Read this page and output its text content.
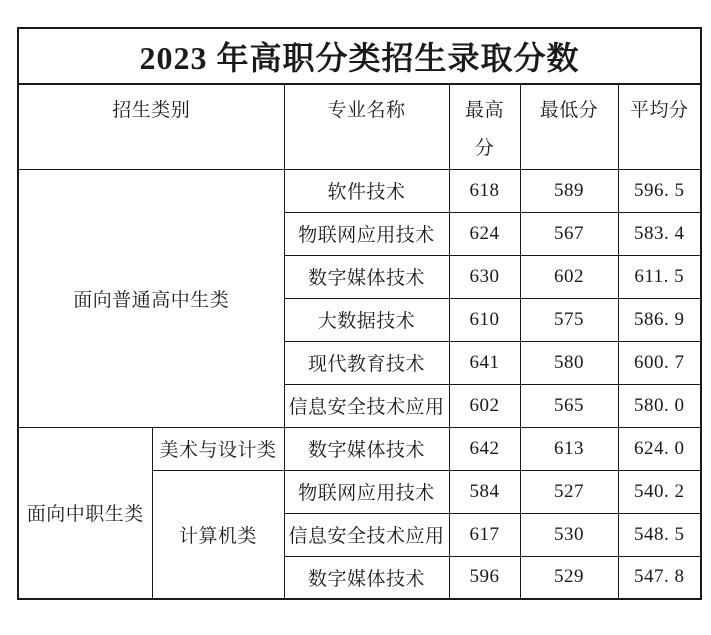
2023 年高职分类招生录取分数					
招生类别		专业名称	最高分	最低分	平均分
面向普通高中生类		软件技术	618	589	596. 5
		物联网应用技术	624	567	583. 4
		数字媒体技术	630	602	611. 5
		大数据技术	610	575	586. 9
		现代教育技术	641	580	600. 7
		信息安全技术应用	602	565	580. 0
面向中职生类	美术与设计类	数字媒体技术	642	613	624. 0
	计算机类	物联网应用技术	584	527	540. 2
		信息安全技术应用	617	530	548. 5
		数字媒体技术	596	529	547. 8
